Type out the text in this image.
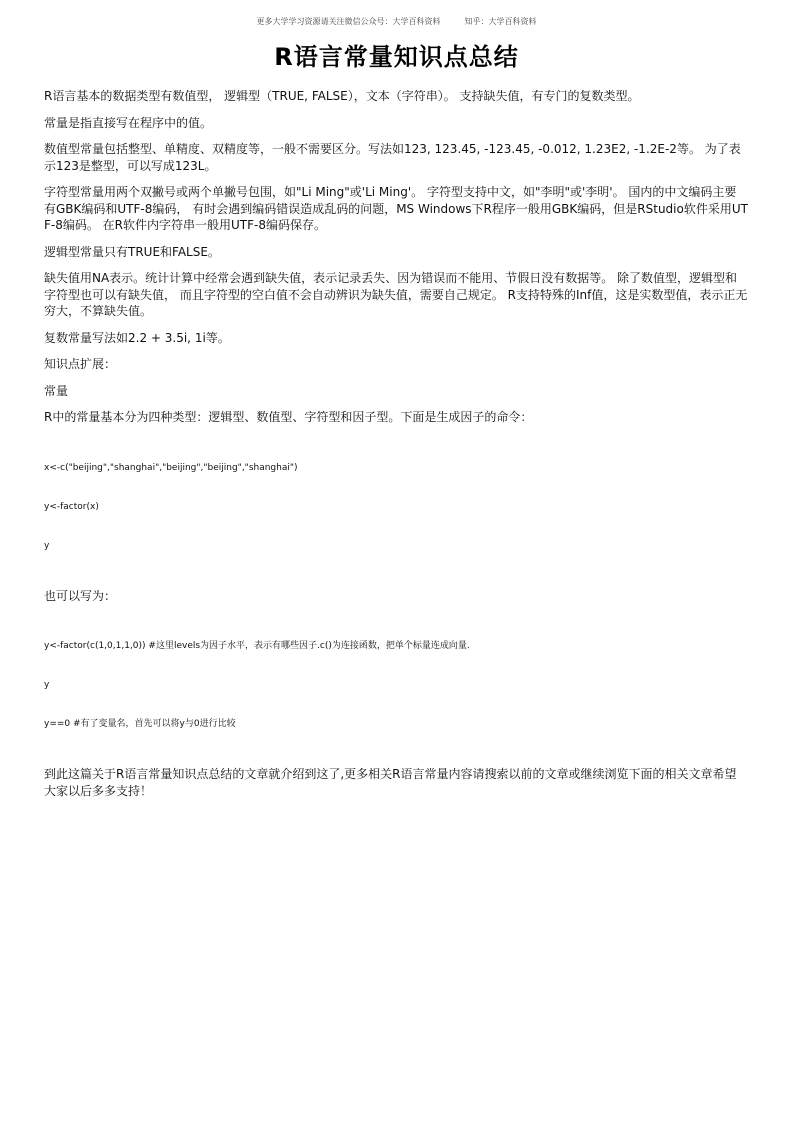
更多大学学习资源请关注微信公众号：大学百科资料	知乎：大学百科资料
R语言常量知识点总结

R语言基本的数据类型有数值型， 逻辑型（TRUE, FALSE），文本（字符串）。 支持缺失值，有专门的复数类型。

常量是指直接写在程序中的值。

数值型常量包括整型、单精度、双精度等，一般不需要区分。写法如123, 123.45, -123.45, -0.012, 1.23E2, -1.2E-2等。 为了表示123是整型，可以写成123L。

字符型常量用两个双撇号或两个单撇号包围，如"Li Ming"或'Li Ming'。 字符型支持中文，如"李明"或'李明'。 国内的中文编码主要有GBK编码和UTF-8编码， 有时会遇到编码错误造成乱码的问题，MS Windows下R程序一般用GBK编码，但是RStudio软件采用UTF-8编码。 在R软件内字符串一般用UTF-8编码保存。

逻辑型常量只有TRUE和FALSE。

缺失值用NA表示。统计计算中经常会遇到缺失值，表示记录丢失、因为错误而不能用、节假日没有数据等。 除了数值型，逻辑型和字符型也可以有缺失值， 而且字符型的空白值不会自动辨识为缺失值，需要自己规定。 R支持特殊的Inf值，这是实数型值，表示正无穷大，不算缺失值。

复数常量写法如2.2 + 3.5i, 1i等。

知识点扩展：

常量

R中的常量基本分为四种类型：逻辑型、数值型、字符型和因子型。下面是生成因子的命令：

x<-c("beijing","shanghai","beijing","beijing","shanghai")

y<-factor(x)

y

也可以写为：

y<-factor(c(1,0,1,1,0)) #这里levels为因子水平，表示有哪些因子.c()为连接函数，把单个标量连成向量.

y

y==0 #有了变量名，首先可以将y与0进行比较

到此这篇关于R语言常量知识点总结的文章就介绍到这了,更多相关R语言常量内容请搜索以前的文章或继续浏览下面的相关文章希望大家以后多多支持！
